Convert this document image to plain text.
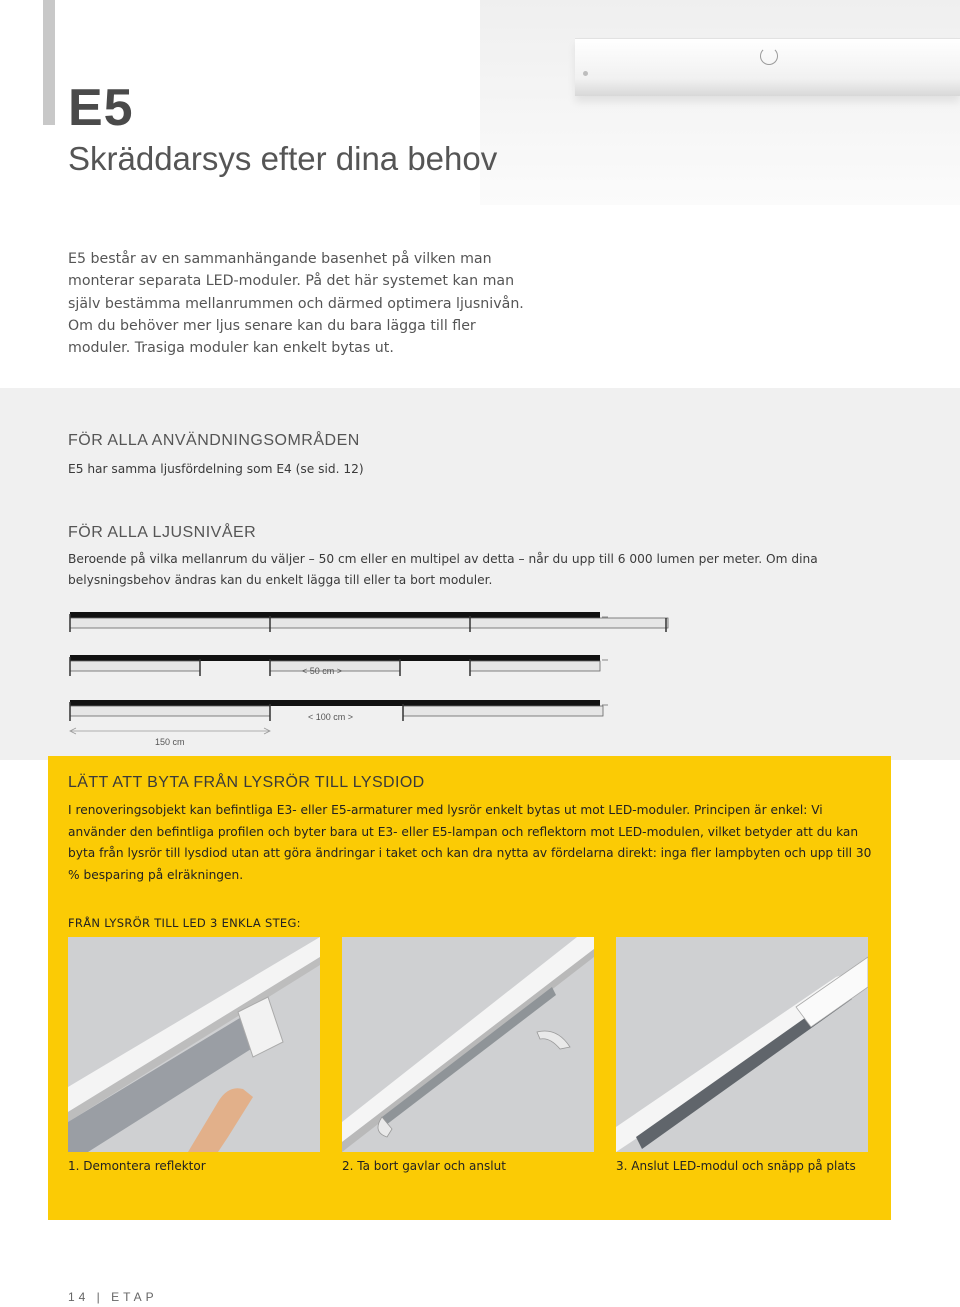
E5
Skräddarsys efter dina behov

E5 består av en sammanhängande basenhet på vilken man monterar separata LED-moduler. På det här systemet kan man själv bestämma mellanrummen och därmed optimera ljusnivån. Om du behöver mer ljus senare kan du bara lägga till fler moduler. Trasiga moduler kan enkelt bytas ut.

FÖR ALLA ANVÄNDNINGSOMRÅDEN
E5 har samma ljusfördelning som E4 (se sid. 12)
FÖR ALLA LJUSNIVÅER
Beroende på vilka mellanrum du väljer – 50 cm eller en multipel av detta – når du upp till 6 000 lumen per meter. Om dina belysningsbehov ändras kan du enkelt lägga till eller ta bort moduler.
< 50 cm >
< 100 cm >
150 cm
LÄTT ATT BYTA FRÅN LYSRÖR TILL LYSDIOD

I renoveringsobjekt kan befintliga E3- eller E5-armaturer med lysrör enkelt bytas ut mot LED-moduler. Principen är enkel: Vi använder den befintliga profilen och byter bara ut E3- eller E5-lampan och reflektorn mot LED-modulen, vilket betyder att du kan byta från lysrör till lysdiod utan att göra ändringar i taket och kan dra nytta av fördelarna direkt: inga fler lampbyten och upp till 30 % besparing på elräkningen.

FRÅN LYSRÖR TILL LED 3 ENKLA STEG:
1. Demontera reflektor	2. Ta bort gavlar och anslut	3. Anslut LED-modul och snäpp på plats
14 | ETAP
